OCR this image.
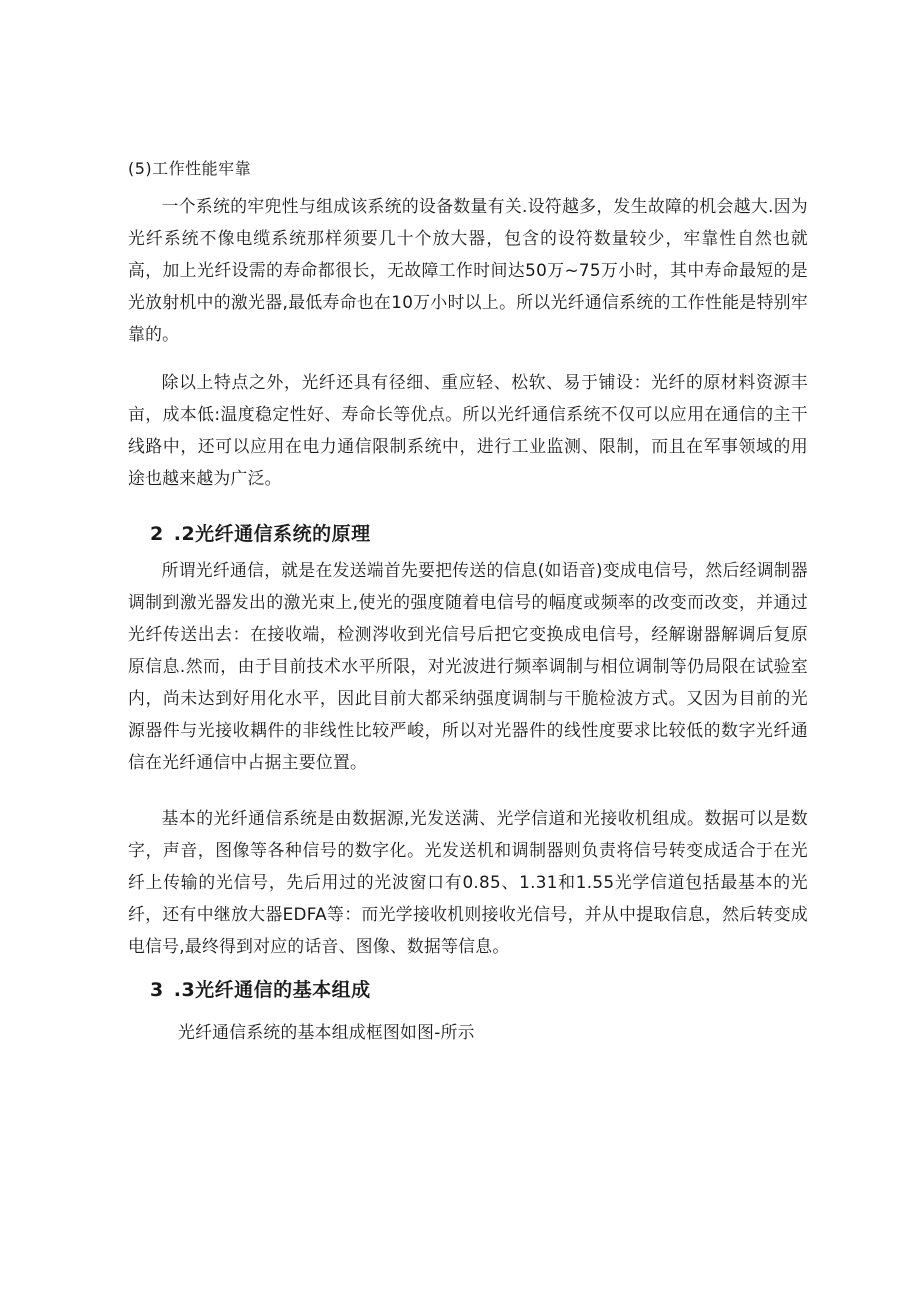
(5)工作性能牢靠

一个系统的牢兜性与组成该系统的设备数量有关.设符越多，发生故障的机会越大.因为光纤系统不像电缆系统那样须要几十个放大器，包含的设符数量较少，牢靠性自然也就高，加上光纤设需的寿命都很长，无故障工作时间达50万~75万小时，其中寿命最短的是光放射机中的激光器,最低寿命也在10万小时以上。所以光纤通信系统的工作性能是特别牢靠的。

除以上特点之外，光纤还具有径细、重应轻、松软、易于铺设：光纤的原材料资源丰亩，成本低:温度稳定性好、寿命长等优点。所以光纤通信系统不仅可以应用在通信的主干线路中，还可以应用在电力通信限制系统中，进行工业监测、限制，而且在军事领域的用途也越来越为广泛。

2 .2光纤通信系统的原理

所谓光纤通信，就是在发送端首先要把传送的信息(如语音)变成电信号，然后经调制器调制到激光器发出的激光束上,使光的强度随着电信号的幅度或频率的改变而改变，并通过光纤传送出去：在接收端，检测涔收到光信号后把它变换成电信号，经解谢器解调后复原原信息.然而，由于目前技术水平所限，对光波进行频率调制与相位调制等仍局限在试验室内，尚未达到好用化水平，因此目前大都采纳强度调制与干脆检波方式。又因为目前的光源器件与光接收耦件的非线性比较严峻，所以对光器件的线性度要求比较低的数字光纤通信在光纤通信中占据主要位置。

基本的光纤通信系统是由数据源,光发送满、光学信道和光接收机组成。数据可以是数字，声音，图像等各种信号的数字化。光发送机和调制器则负责将信号转变成适合于在光纤上传输的光信号，先后用过的光波窗口有0.85、1.31和1.55光学信道包括最基本的光纤，还有中继放大器EDFA等：而光学接收机则接收光信号，并从中提取信息，然后转变成电信号,最终得到对应的话音、图像、数据等信息。

3 .3光纤通信的基本组成
光纤通信系统的基本组成框图如图-所示
